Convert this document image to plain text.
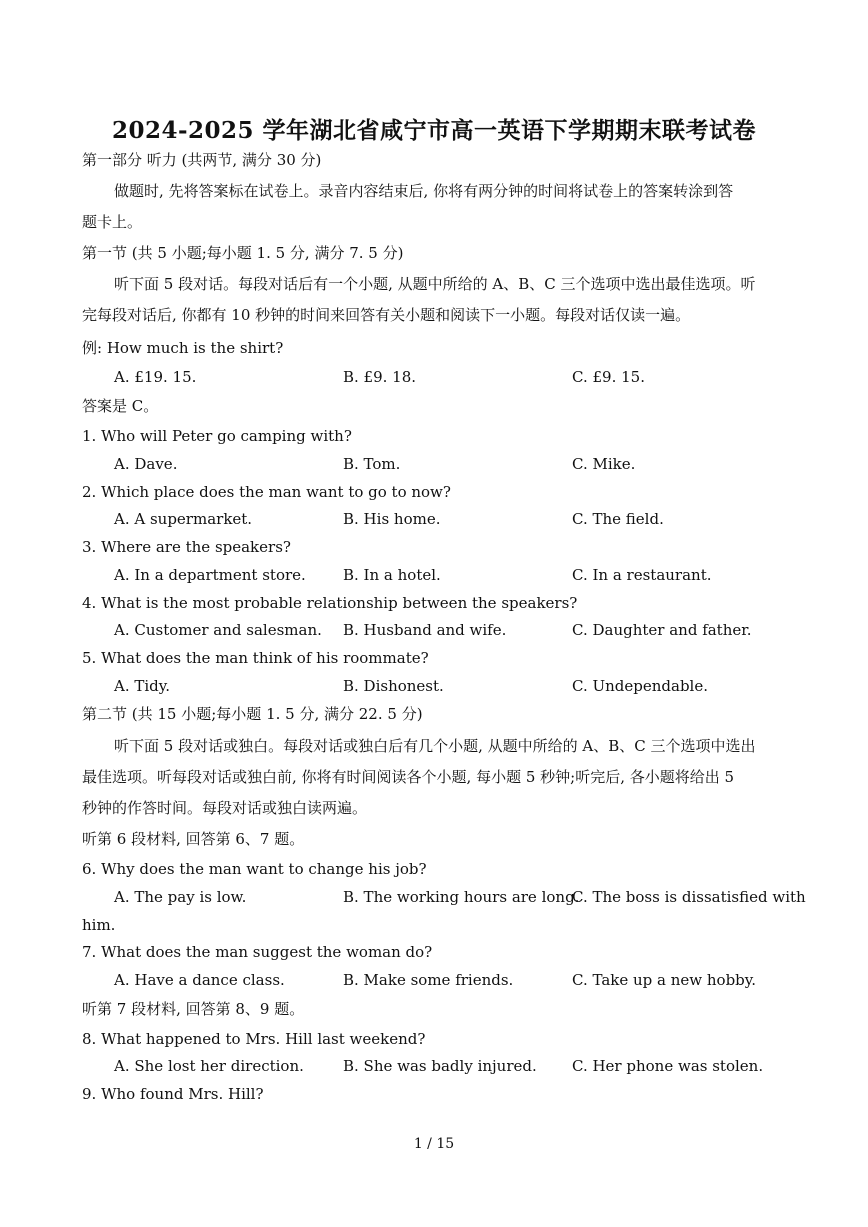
2024-2025 学年湖北省咸宁市高一英语下学期期末联考试卷
第一部分 听力 (共两节, 满分 30 分)
做题时, 先将答案标在试卷上。录音内容结束后, 你将有两分钟的时间将试卷上的答案转涂到答
题卡上。
第一节 (共 5 小题;每小题 1. 5 分, 满分 7. 5 分)
听下面 5 段对话。每段对话后有一个小题, 从题中所给的 A、B、C 三个选项中选出最佳选项。听
完每段对话后, 你都有 10 秒钟的时间来回答有关小题和阅读下一小题。每段对话仅读一遍。
例: How much is the shirt?
A. £19. 15.	B. £9. 18.	C. £9. 15.
答案是 C。
1. Who will Peter go camping with?
A. Dave.	B. Tom.	C. Mike.
2. Which place does the man want to go to now?
A. A supermarket.	B. His home.	C. The field.
3. Where are the speakers?
A. In a department store. B. In a hotel.	C. In a restaurant.
4. What is the most probable relationship between the speakers?
A. Customer and salesman. B. Husband and wife.	C. Daughter and father.
5. What does the man think of his roommate?
A. Tidy.	B. Dishonest.	C. Undependable.
第二节 (共 15 小题;每小题 1. 5 分, 满分 22. 5 分)
听下面 5 段对话或独白。每段对话或独白后有几个小题, 从题中所给的 A、B、C 三个选项中选出
最佳选项。听每段对话或独白前, 你将有时间阅读各个小题, 每小题 5 秒钟;听完后, 各小题将给出 5
秒钟的作答时间。每段对话或独白读两遍。
听第 6 段材料, 回答第 6、7 题。
6. Why does the man want to change his job?
A. The pay is low.	B. The working hours are long.
C. The boss is dissatisfied with
him.
7. What does the man suggest the woman do?
A. Have a dance class.	B. Make some friends.	C. Take up a new hobby.
听第 7 段材料, 回答第 8、9 题。
8. What happened to Mrs. Hill last weekend?
A. She lost her direction.	B. She was badly injured. C. Her phone was stolen.
9. Who found Mrs. Hill?
1 / 15
